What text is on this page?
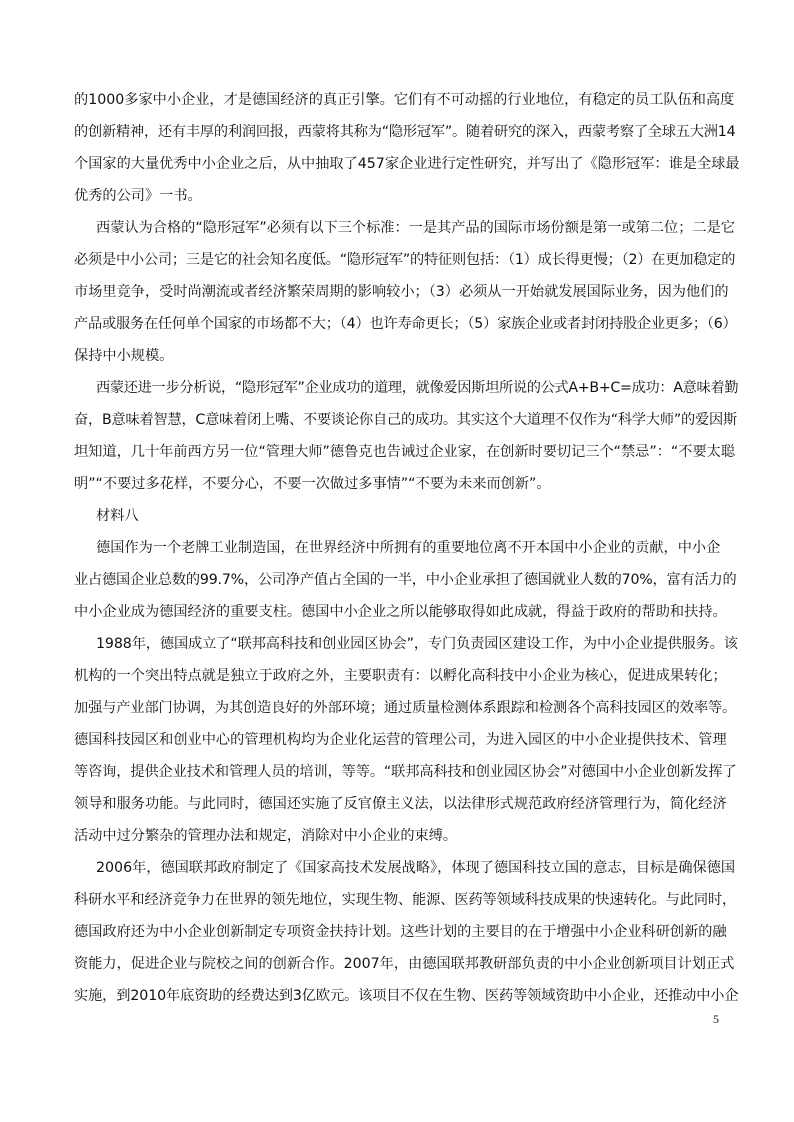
的1000多家中小企业，才是德国经济的真正引擎。它们有不可动摇的行业地位，有稳定的员工队伍和高度
的创新精神，还有丰厚的利润回报，西蒙将其称为“隐形冠军”。随着研究的深入，西蒙考察了全球五大洲14
个国家的大量优秀中小企业之后，从中抽取了457家企业进行定性研究，并写出了《隐形冠军：谁是全球最
优秀的公司》一书。
西蒙认为合格的“隐形冠军”必须有以下三个标准：一是其产品的国际市场份额是第一或第二位；二是它
必须是中小公司；三是它的社会知名度低。“隐形冠军”的特征则包括：（1）成长得更慢；（2）在更加稳定的
市场里竞争，受时尚潮流或者经济繁荣周期的影响较小；（3）必须从一开始就发展国际业务，因为他们的
产品或服务在任何单个国家的市场都不大；（4）也许寿命更长；（5）家族企业或者封闭持股企业更多；（6）
保持中小规模。
西蒙还进一步分析说，“隐形冠军”企业成功的道理，就像爱因斯坦所说的公式A+B+C=成功：A意味着勤
奋，B意味着智慧，C意味着闭上嘴、不要谈论你自己的成功。其实这个大道理不仅作为“科学大师”的爱因斯
坦知道，几十年前西方另一位“管理大师”德鲁克也告诫过企业家，在创新时要切记三个“禁忌”：“不要太聪
明”“不要过多花样，不要分心，不要一次做过多事情”“不要为未来而创新”。
材料八
德国作为一个老牌工业制造国，在世界经济中所拥有的重要地位离不开本国中小企业的贡献，中小企
业占德国企业总数的99.7%，公司净产值占全国的一半，中小企业承担了德国就业人数的70%，富有活力的
中小企业成为德国经济的重要支柱。德国中小企业之所以能够取得如此成就，得益于政府的帮助和扶持。
1988年，德国成立了“联邦高科技和创业园区协会”，专门负责园区建设工作，为中小企业提供服务。该
机构的一个突出特点就是独立于政府之外，主要职责有：以孵化高科技中小企业为核心，促进成果转化；
加强与产业部门协调，为其创造良好的外部环境；通过质量检测体系跟踪和检测各个高科技园区的效率等。
德国科技园区和创业中心的管理机构均为企业化运营的管理公司，为进入园区的中小企业提供技术、管理
等咨询，提供企业技术和管理人员的培训，等等。“联邦高科技和创业园区协会”对德国中小企业创新发挥了
领导和服务功能。与此同时，德国还实施了反官僚主义法，以法律形式规范政府经济管理行为，简化经济
活动中过分繁杂的管理办法和规定，消除对中小企业的束缚。
2006年，德国联邦政府制定了《国家高技术发展战略》，体现了德国科技立国的意志，目标是确保德国
科研水平和经济竞争力在世界的领先地位，实现生物、能源、医药等领域科技成果的快速转化。与此同时，
德国政府还为中小企业创新制定专项资金扶持计划。这些计划的主要目的在于增强中小企业科研创新的融
资能力，促进企业与院校之间的创新合作。2007年，由德国联邦教研部负责的中小企业创新项目计划正式
实施，到2010年底资助的经费达到3亿欧元。该项目不仅在生物、医药等领域资助中小企业，还推动中小企
5
